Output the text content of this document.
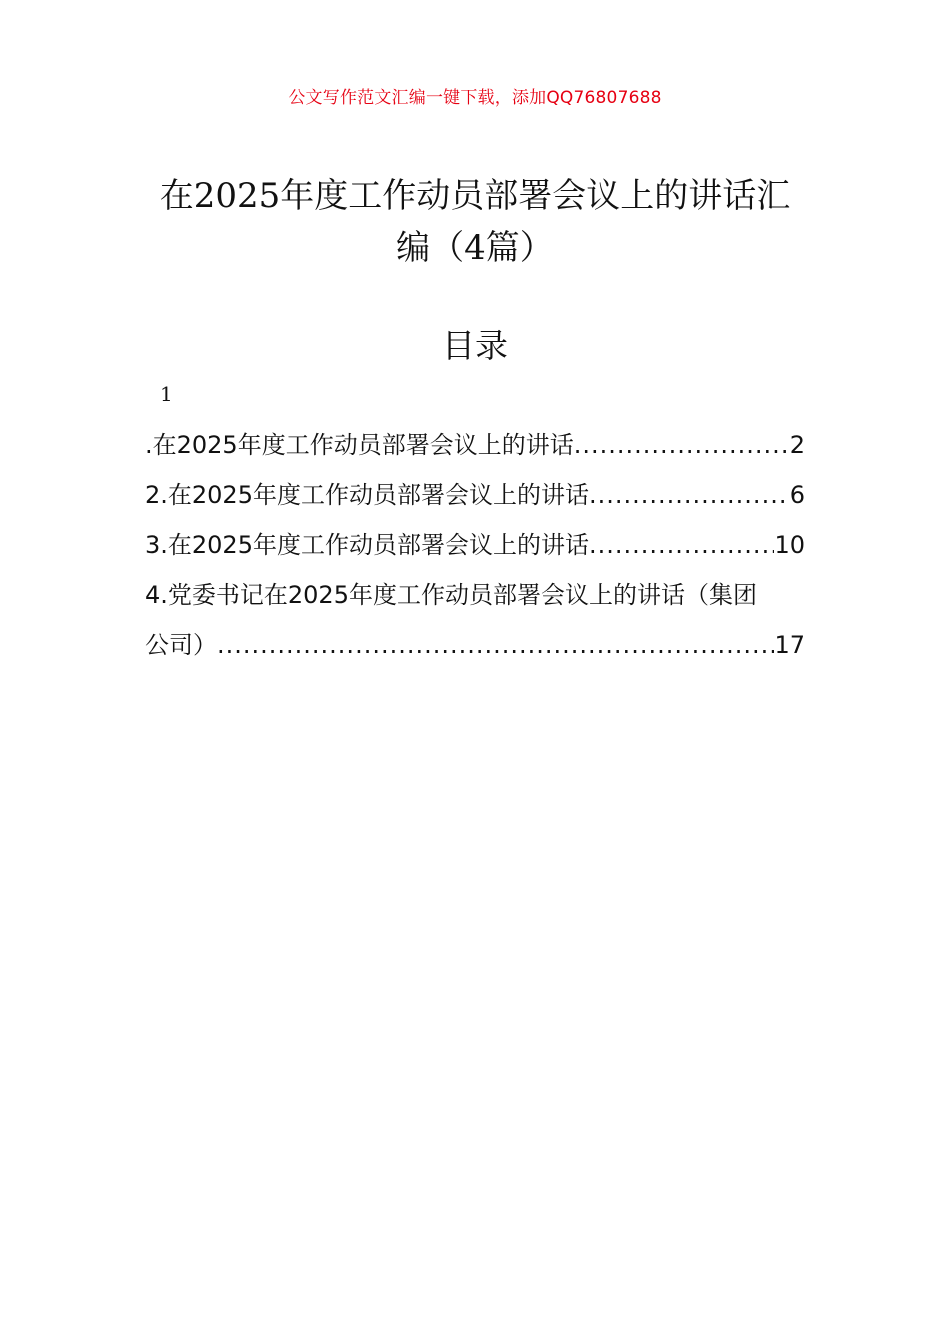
公文写作范文汇编一键下载，添加QQ76807688
在2025年度工作动员部署会议上的讲话汇编（4篇）
目录
1
.在2025年度工作动员部署会议上的讲话 .....	2
2.在2025年度工作动员部署会议上的讲话 .....	6
3.在2025年度工作动员部署会议上的讲话 .....	10
4.党委书记在2025年度工作动员部署会议上的讲话（集团
公司） .....	17
